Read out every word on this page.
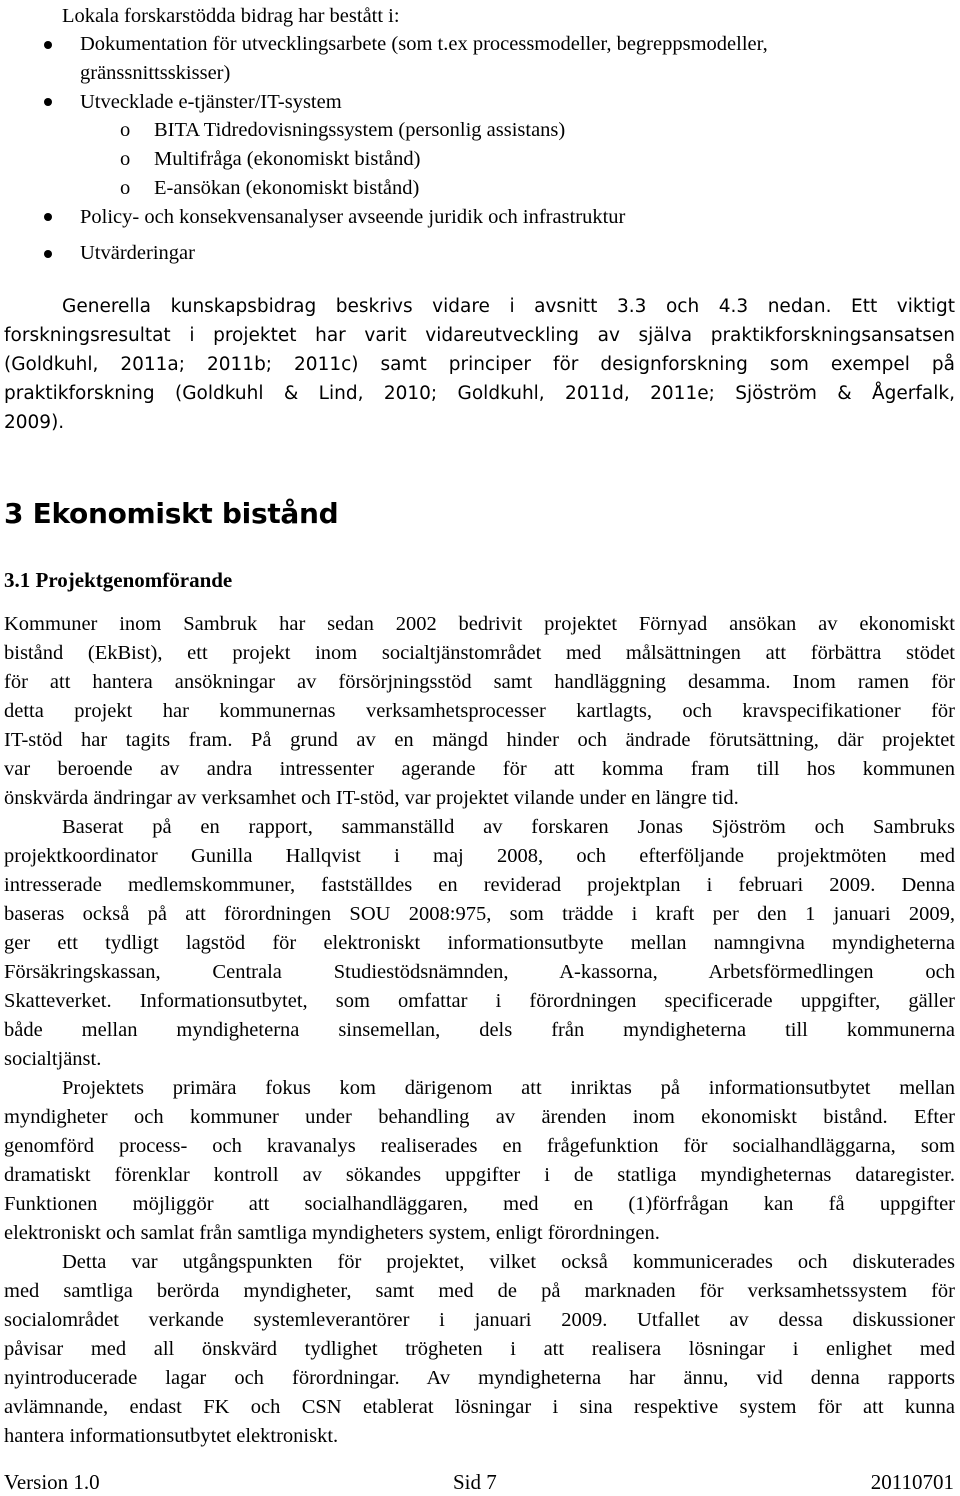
Lokala forskarstödda bidrag har bestått i:
Dokumentation för utvecklingsarbete (som t.ex processmodeller, begreppsmodeller,
gränssnittsskisser)
Utvecklade e-tjänster/IT-system
o BITA Tidredovisningssystem (personlig assistans)
o Multifråga (ekonomiskt bistånd)
o E-ansökan (ekonomiskt bistånd)
Policy- och konsekvensanalyser avseende juridik och infrastruktur
Utvärderingar
Generella kunskapsbidrag beskrivs vidare i avsnitt 3.3 och 4.3 nedan. Ett viktigt
forskningsresultat i projektet har varit vidareutveckling av själva praktikforskningsansatsen
(Goldkuhl, 2011a; 2011b; 2011c) samt principer för designforskning som exempel på
praktikforskning (Goldkuhl & Lind, 2010; Goldkuhl, 2011d, 2011e; Sjöström & Ågerfalk,
2009).
3 Ekonomiskt bistånd
3.1 Projektgenomförande
Kommuner inom Sambruk har sedan 2002 bedrivit projektet Förnyad ansökan av ekonomiskt
bistånd (EkBist), ett projekt inom socialtjänstområdet med målsättningen att förbättra stödet
för att hantera ansökningar av försörjningsstöd samt handläggning desamma. Inom ramen för
detta projekt har kommunernas verksamhetsprocesser kartlagts, och kravspecifikationer för
IT-stöd har tagits fram. På grund av en mängd hinder och ändrade förutsättning, där projektet
var beroende av andra intressenter agerande för att komma fram till hos kommunen
önskvärda ändringar av verksamhet och IT-stöd, var projektet vilande under en längre tid.
Baserat på en rapport, sammanställd av forskaren Jonas Sjöström och Sambruks
projektkoordinator Gunilla Hallqvist i maj 2008, och efterföljande projektmöten med
intresserade medlemskommuner, fastställdes en reviderad projektplan i februari 2009. Denna
baseras också på att förordningen SOU 2008:975, som trädde i kraft per den 1 januari 2009,
ger ett tydligt lagstöd för elektroniskt informationsutbyte mellan namngivna myndigheterna
Försäkringskassan, Centrala Studiestödsnämnden, A-kassorna, Arbetsförmedlingen och
Skatteverket. Informationsutbytet, som omfattar i förordningen specificerade uppgifter, gäller
både mellan myndigheterna sinsemellan, dels från myndigheterna till kommunerna
socialtjänst.
Projektets primära fokus kom därigenom att inriktas på informationsutbytet mellan
myndigheter och kommuner under behandling av ärenden inom ekonomiskt bistånd. Efter
genomförd process- och kravanalys realiserades en frågefunktion för socialhandläggarna, som
dramatiskt förenklar kontroll av sökandes uppgifter i de statliga myndigheternas dataregister.
Funktionen möjliggör att socialhandläggaren, med en (1)förfrågan kan få uppgifter
elektroniskt och samlat från samtliga myndigheters system, enligt förordningen.
Detta var utgångspunkten för projektet, vilket också kommunicerades och diskuterades
med samtliga berörda myndigheter, samt med de på marknaden för verksamhetssystem för
socialområdet verkande systemleverantörer i januari 2009. Utfallet av dessa diskussioner
påvisar med all önskvärd tydlighet trögheten i att realisera lösningar i enlighet med
nyintroducerade lagar och förordningar. Av myndigheterna har ännu, vid denna rapports
avlämnande, endast FK och CSN etablerat lösningar i sina respektive system för att kunna
hantera informationsutbytet elektroniskt.
Version 1.0	Sid 7	20110701
